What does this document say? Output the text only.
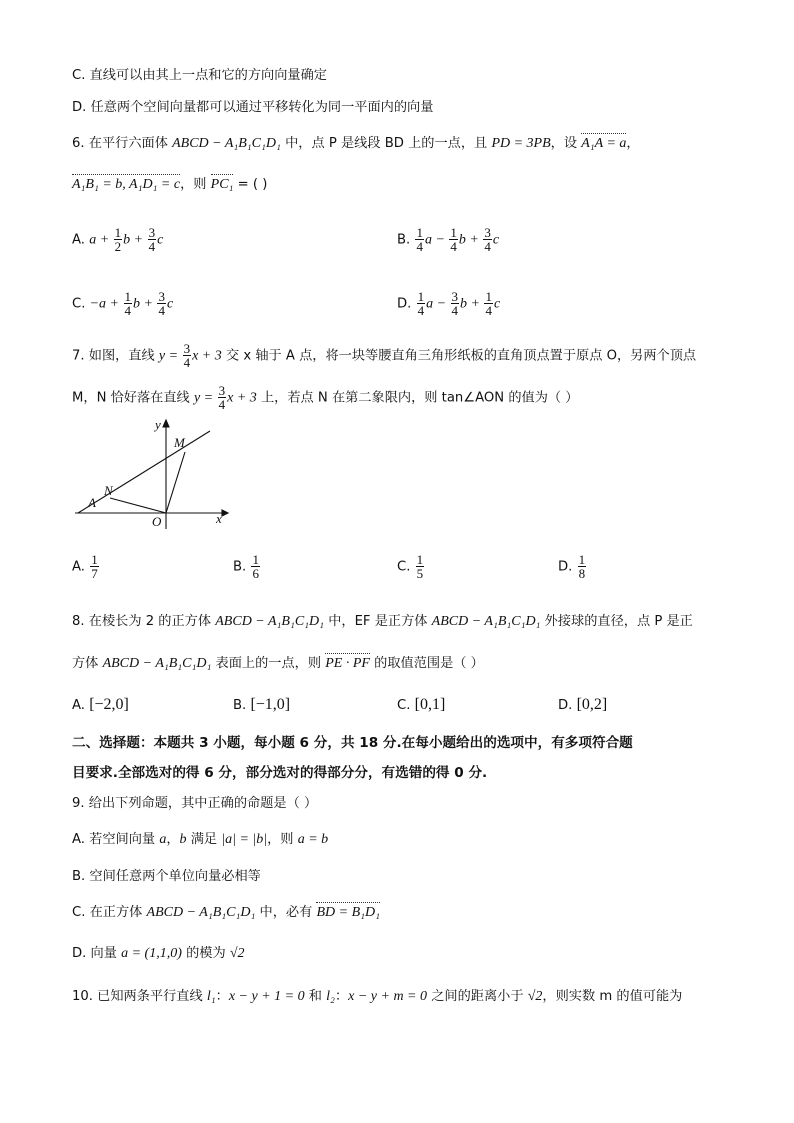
C. 直线可以由其上一点和它的方向向量确定
D. 任意两个空间向量都可以通过平移转化为同一平面内的向量
6. 在平行六面体 ABCD − A₁B₁C₁D₁ 中，点 P 是线段 BD 上的一点，且 PD = 3PB，设 A₁A = a，
A₁B₁ = b, A₁D₁ = c，则 PC₁ = ( )
A. $a + \frac{1}{2}$ $b + \frac{3}{4}$ c	B. $\frac{1}{4}$ $a - \frac{1}{4}$ $b + \frac{3}{4}$ c
C. $-a + \frac{1}{4}$ $b + \frac{3}{4}$ c	D. $\frac{1}{4}$ $a - \frac{3}{4}$ $b + \frac{1}{4}$ c
7. 如图，直线 $y = \frac{3}{4}$ x + 3 交 x 轴于 A 点，将一块等腰直角三角形纸板的直角顶点置于原点 O，另两个顶点
M，N 恰好落在直线 $y = \frac{3}{4}$ x + 3 上，若点 N 在第二象限内，则 tan∠AON 的值为（ ）
y
M
N
A
O	x
A. $\frac{1}{7}$	B. $\frac{1}{6}$	C. $\frac{1}{5}$	D. $\frac{1}{8}$
8. 在棱长为 2 的正方体 ABCD − A₁B₁C₁D₁ 中，EF 是正方体 ABCD − A₁B₁C₁D₁ 外接球的直径，点 P 是正
方体 ABCD − A₁B₁C₁D₁ 表面上的一点，则 PE · PF 的取值范围是（ ）
A. [−2,0]	B. [−1,0]	C. [0,1]	D. [0,2]
二、选择题：本题共 3 小题，每小题 6 分，共 18 分.在每小题给出的选项中，有多项符合题
目要求.全部选对的得 6 分，部分选对的得部分分，有选错的得 0 分.
9. 给出下列命题，其中正确的命题是（ ）
A. 若空间向量 a，b 满足 |a| = |b|，则 a = b
B. 空间任意两个单位向量必相等
C. 在正方体 ABCD − A₁B₁C₁D₁ 中，必有 BD = B₁D₁
D. 向量 a = (1,1,0) 的模为 √2
10. 已知两条平行直线 l₁：x − y + 1 = 0 和 l₂：x − y + m = 0 之间的距离小于 √2，则实数 m 的值可能为
